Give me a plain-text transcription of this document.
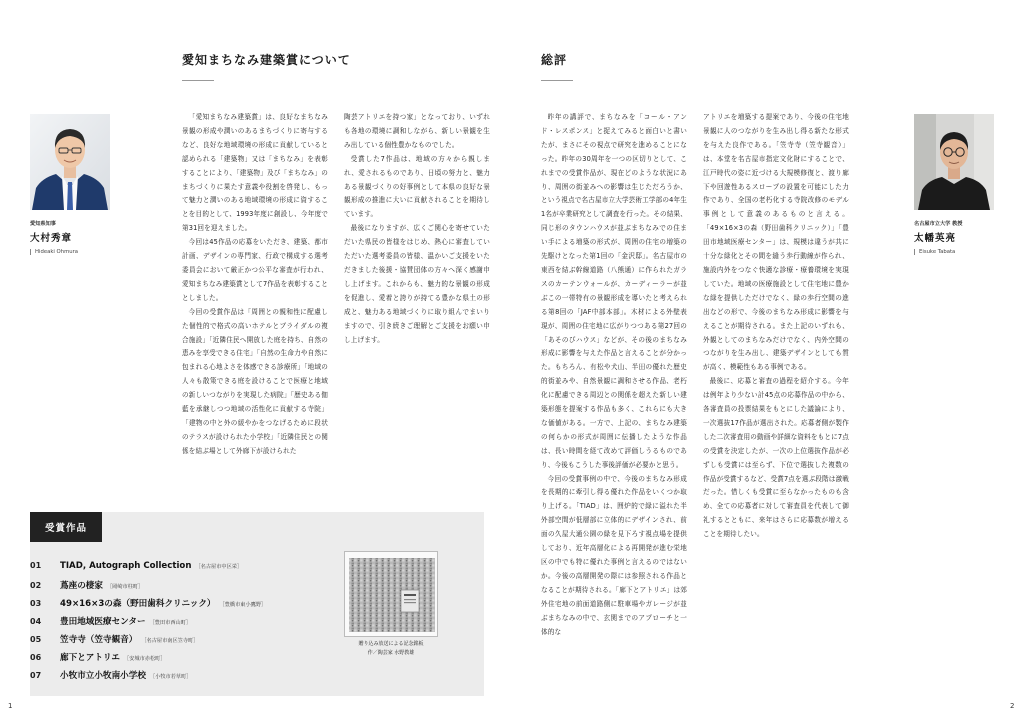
愛知まちなみ建築賞について
愛知県知事
大村秀章
Hideaki Ohmura

「愛知まちなみ建築賞」は、良好なまちなみ景観の形成や潤いのあるまちづくりに寄与するなど、良好な地域環境の形成に貢献していると認められる「建築物」又は「まちなみ」を表彰することにより、「建築物」及び「まちなみ」のまちづくりに果たす意義や役割を啓発し、もって魅力と潤いのある地域環境の形成に資することを目的として、1993年度に創設し、今年度で第31回を迎えました。

今回は45作品の応募をいただき、建築、都市計画、デザインの専門家、行政で構成する選考委員会において厳正かつ公平な審査が行われ、愛知まちなみ建築賞として7作品を表彰することとしました。

今回の受賞作品は「周囲との親和性に配慮した個性的で格式の高いホテルとブライダルの複合施設」「近隣住民へ開放した庭を持ち、自然の恵みを享受できる住宅」「自然の生命力や自然に包まれる心地よさを体感できる診療所」「地域の人々も散策できる庭を設けることで医療と地域の新しいつながりを実現した病院」「歴史ある伽藍を承継しつつ地域の活性化に貢献する寺院」「建物の中と外の緩やかをつなげるために段状のテラスが設けられた小学校」「近隣住民との関係を結ぶ場として外廊下が設けられた

陶芸アトリエを持つ家」となっており、いずれも各地の環境に調和しながら、新しい景観を生み出している個性豊かなものでした。

受賞した7作品は、地域の方々から親しまれ、愛されるものであり、日頃の努力と、魅力ある景観づくりの好事例として本県の良好な景観形成の推進に大いに貢献されることを期待しています。

最後になりますが、広くご関心を寄せていただいた県民の皆様をはじめ、熱心に審査していただいた選考委員の皆様、温かいご支援をいただきました後援・協賛団体の方々へ深く感謝申し上げます。これからも、魅力的な景観の形成を促進し、愛着と誇りが持てる豊かな県土の形成と、魅力ある地域づくりに取り組んでまいりますので、引き続きご理解とご支援をお願い申し上げます。

受賞作品
01	TIAD, Autograph Collection ［名古屋市中区栄］
02	蔦座の棲家 ［岡崎市柱町］
03	49×16×3の森（野田歯科クリニック） ［豊橋市東小鷹野］
04	豊田地域医療センター ［豊田市西山町］
05	笠寺寺（笠寺観音） ［名古屋市南区笠寺町］
06	廊下とアトリエ ［安城市赤松町］
07	小牧市立小牧南小学校 ［小牧市若草町］
贈り込み放送による記念銘板
作／陶芸家 水野教雄
1
総評

昨年の講評で、まちなみを「コール・アンド・レスポンス」と捉えてみると面白いと書いたが、まさにその視点で研究を進めることになった。昨年の30周年を一つの区切りとして、これまでの受賞作品が、現在どのような状況にあり、周囲の街並みへの影響は生じただろうか、という視点で名古屋市立大学芸術工学部の4年生1名が卒業研究として調査を行った。その結果、同じ形のタウンハウスが並ぶまちなみでの住まい手による増築の形式が、周囲の住宅の増築の先駆けとなった第1回の「金沢邸」。名古屋市の東西を結ぶ幹線道路（八熊通）に作られたガラスのカーテンウォールが、カーディーラーが並ぶこの一帯特有の景観形成を導いたと考えられる第8回の「JAF中部本部」。木材による外壁表現が、周囲の住宅地に広がりつつある第27回の「あそのびハウス」などが、その後のまちなみ形成に影響を与えた作品と言えることが分かった。もちろん、有松や犬山、半田の優れた歴史的街並みや、自然景観に調和させる作品、老朽化に配慮できる周辺との関係を超えた新しい建築形態を提案する作品も多く、これらにも大きな価値がある。一方で、上記の、まちなみ建築の何らかの形式が周囲に伝播したような作品は、長い時間を経て改めて評価しうるものであり、今後もこうした事後評価が必要かと思う。

今回の受賞事例の中で、今後のまちなみ形成を長期的に牽引し得る優れた作品をいくつか取り上げる。「TIAD」は、囲炉的で緑に溢れた半外部空間が低層部に立体的にデザインされ、前面の久屋大通公園の緑を見下ろす視点場を提供しており、近年高層化による再開発が進む栄地区の中でも特に優れた事例と言えるのではないか。今後の高層開発の際には参照される作品となることが期待される。「廊下とアトリエ」は郊外住宅地の前面道路側に駐車場やガレージが並ぶまちなみの中で、玄関までのアプローチと一体的な

アトリエを増築する提案であり、今後の住宅地景観に人のつながりを生み出し得る新たな形式を与えた良作である。「笠寺寺（笠寺観音）」は、本堂を名古屋市指定文化財にすることで、江戸時代の姿に近づける大規模修復と、渡り廊下や回遊性あるスロープの設置を可能にした力作であり、全国の老朽化する寺院改修のモデル事例として意義のあるものと言える。「49×16×3の森（野田歯科クリニック）」「豊田市地域医療センター」は、規模は違うが共に十分な緑化とその間を縫う歩行動線が作られ、施設内外をつなぐ快適な診療・療養環境を実現していた。地域の医療施設として住宅地に豊かな緑を提供しただけでなく、緑の歩行空間の進出などの形で、今後のまちなみ形成に影響を与えることが期待される。また上記のいずれも、外観としてのまちなみだけでなく、内外空間のつながりを生み出し、建築デザインとしても質が高く、模範性もある事例である。

最後に、応募と審査の過程を紹介する。今年は例年より少ない計45点の応募作品の中から、各審査員の投票結果をもとにした議論により、一次選抜17作品が選出された。応募者側が製作した二次審査用の動画や詳細な資料をもとに7点の受賞を決定したが、一次の上位選抜作品が必ずしも受賞には至らず、下位で選抜した複数の作品が受賞するなど、受賞7点を選ぶ段階は激戦だった。惜しくも受賞に至らなかったものも含め、全ての応募者に対して審査員を代表して御礼するとともに、来年はさらに応募数が増えることを期待したい。

名古屋市立大学 教授
太幡英亮
Eisuke Tabata
2
